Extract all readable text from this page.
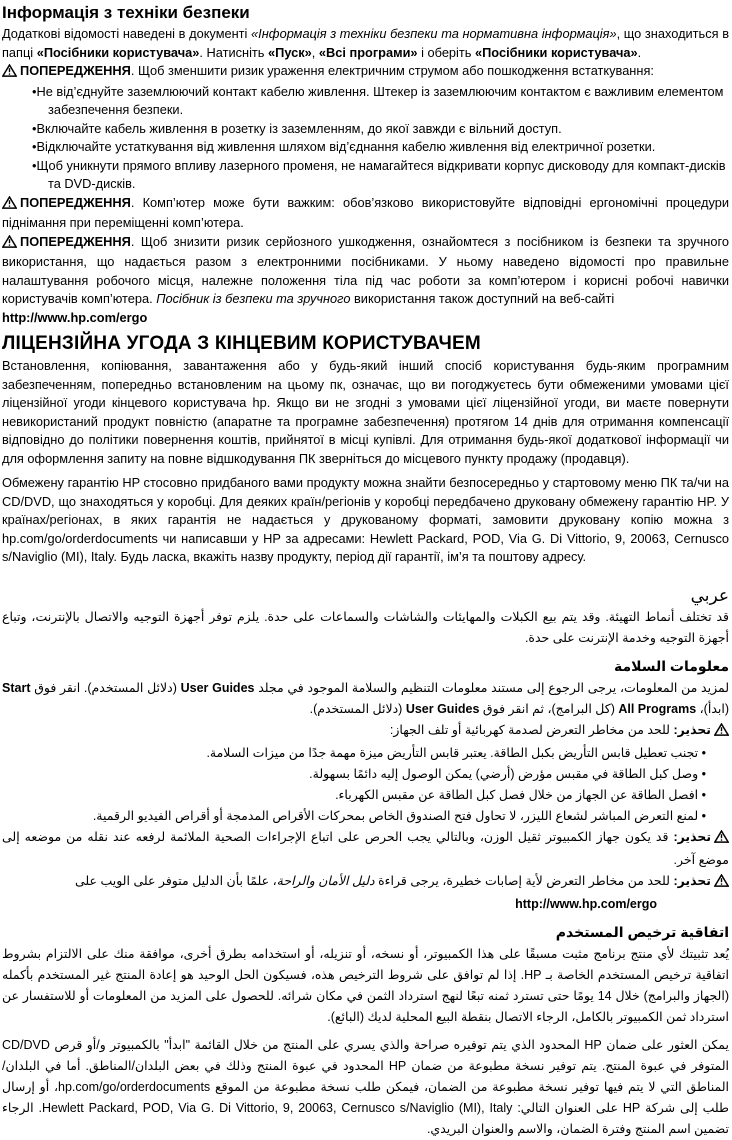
Інформація з техніки безпеки

Додаткові відомості наведені в документі «Інформація з техніки безпеки та нормативна інформація», що знаходиться в папці «Посібники користувача». Натисніть «Пуск», «Всі програми» і оберіть «Посібники користувача».

ПОПЕРЕДЖЕННЯ. Щоб зменшити ризик ураження електричним струмом або пошкодження встаткування:
•Не від’єднуйте заземлюючий контакт кабелю живлення. Штекер із заземлюючим контактом є важливим елементом забезпечення безпеки.
•Включайте кабель живлення в розетку із заземленням, до якої завжди є вільний доступ.
•Відключайте устаткування від живлення шляхом від’єднання кабелю живлення від електричної розетки.
•Щоб уникнути прямого впливу лазерного променя, не намагайтеся відкривати корпус дисководу для компакт-дисків та DVD-дисків.
ПОПЕРЕДЖЕННЯ. Комп’ютер може бути важким: обов’язково використовуйте відповідні ергономічні процедури піднімання при переміщенні комп’ютера.
ПОПЕРЕДЖЕННЯ. Щоб знизити ризик серйозного ушкодження, ознайомтеся з посібником із безпеки та зручного використання, що надається разом з електронними посібниками. У ньому наведено відомості про правильне налаштування робочого місця, належне положення тіла під час роботи за комп’ютером і корисні робочі навички користувачів комп’ютера. Посібник із безпеки та зручного використання також доступний на веб-сайті
http://www.hp.com/ergo
ЛІЦЕНЗІЙНА УГОДА З КІНЦЕВИМ КОРИСТУВАЧЕМ

Встановлення, копіювання, завантаження або у будь-який інший спосіб користування будь-яким програмним забезпеченням, попередньо встановленим на цьому пк, означає, що ви погоджуєтесь бути обмеженими умовами цієї ліцензійної угоди кінцевого користувача hp. Якщо ви не згодні з умовами цієї ліцензійної угоди, ви маєте повернути невикористаний продукт повністю (апаратне та програмне забезпечення) протягом 14 днів для отримання компенсації відповідно до політики повернення коштів, прийнятої в місці купівлі. Для отримання будь-якої додаткової інформації чи для оформлення запиту на повне відшкодування ПК зверніться до місцевого пункту продажу (продавця).

Обмежену гарантію HP стосовно придбаного вами продукту можна знайти безпосередньо у стартовому меню ПК та/чи на CD/DVD, що знаходяться у коробці. Для деяких країн/регіонів у коробці передбачено друковану обмежену гарантію HP. У країнах/регіонах, в яких гарантія не надається у друкованому форматі, замовити друковану копію можна з hp.com/go/orderdocuments чи написавши у HP за адресами: Hewlett Packard, POD, Via G. Di Vittorio, 9, 20063, Cernusco s/Naviglio (MI), Italy. Будь ласка, вкажіть назву продукту, період дії гарантії, ім’я та поштову адресу.

عربي

قد تختلف أنماط التهيئة. وقد يتم بيع الكبلات والمهايئات والشاشات والسماعات على حدة. يلزم توفر أجهزة التوجيه والاتصال بالإنترنت، وتباع أجهزة التوجيه وخدمة الإنترنت على حدة.

معلومات السلامة

لمزيد من المعلومات، يرجى الرجوع إلى مستند معلومات التنظيم والسلامة الموجود في مجلد User Guides (دلائل المستخدم). انقر فوق Start (ابدأ)، All Programs (كل البرامج)، ثم انقر فوق User Guides (دلائل المستخدم).

تحذير: للحد من مخاطر التعرض لصدمة كهربائية أو تلف الجهاز:
• تجنب تعطيل قابس التأريض بكبل الطاقة. يعتبر قابس التأريض ميزة مهمة جدًا من ميزات السلامة.
• وصل كبل الطاقة في مقبس مؤرض (أرضي) يمكن الوصول إليه دائمًا بسهولة.
• افصل الطاقة عن الجهاز من خلال فصل كبل الطاقة عن مقبس الكهرباء.
• لمنع التعرض المباشر لشعاع الليزر، لا تحاول فتح الصندوق الخاص بمحركات الأقراص المدمجة أو أقراص الفيديو الرقمية.
تحذير: قد يكون جهاز الكمبيوتر ثقيل الوزن، وبالتالي يجب الحرص على اتباع الإجراءات الصحية الملائمة لرفعه عند نقله من موضعه إلى موضع آخر.
تحذير: للحد من مخاطر التعرض لأية إصابات خطيرة، يرجى قراءة دليل الأمان والراحة، علمًا بأن الدليل متوفر على الويب على
http://www.hp.com/ergo
اتفاقية ترخيص المستخدم

يُعد تثبيتك لأي منتج برنامج مثبت مسبقًا على هذا الكمبيوتر، أو نسخه، أو تنزيله، أو استخدامه بطرق أخرى، موافقة منك على الالتزام بشروط اتفاقية ترخيص المستخدم الخاصة بـ HP. إذا لم توافق على شروط الترخيص هذه، فسيكون الحل الوحيد هو إعادة المنتج غير المستخدم بأكمله (الجهاز والبرامج) خلال 14 يومًا حتى تسترد ثمنه تبعًا لنهج استرداد الثمن في مكان شرائه. للحصول على المزيد من المعلومات أو للاستفسار عن استرداد ثمن الكمبيوتر بالكامل، الرجاء الاتصال بنقطة البيع المحلية لديك (البائع).

يمكن العثور على ضمان HP المحدود الذي يتم توفيره صراحة والذي يسري على المنتج من خلال القائمة "ابدأ" بالكمبيوتر و/أو قرص CD/DVD المتوفر في عبوة المنتج. يتم توفير نسخة مطبوعة من ضمان HP المحدود في عبوة المنتج وذلك في بعض البلدان/المناطق. أما في البلدان/المناطق التي لا يتم فيها توفير نسخة مطبوعة من الضمان، فيمكن طلب نسخة مطبوعة من الموقع hp.com/go/orderdocuments، أو إرسال طلب إلى شركة HP على العنوان التالي: Hewlett Packard, POD, Via G. Di Vittorio, 9, 20063, Cernusco s/Naviglio (MI), Italy. الرجاء تضمين اسم المنتج وفترة الضمان، والاسم والعنوان البريدي.
